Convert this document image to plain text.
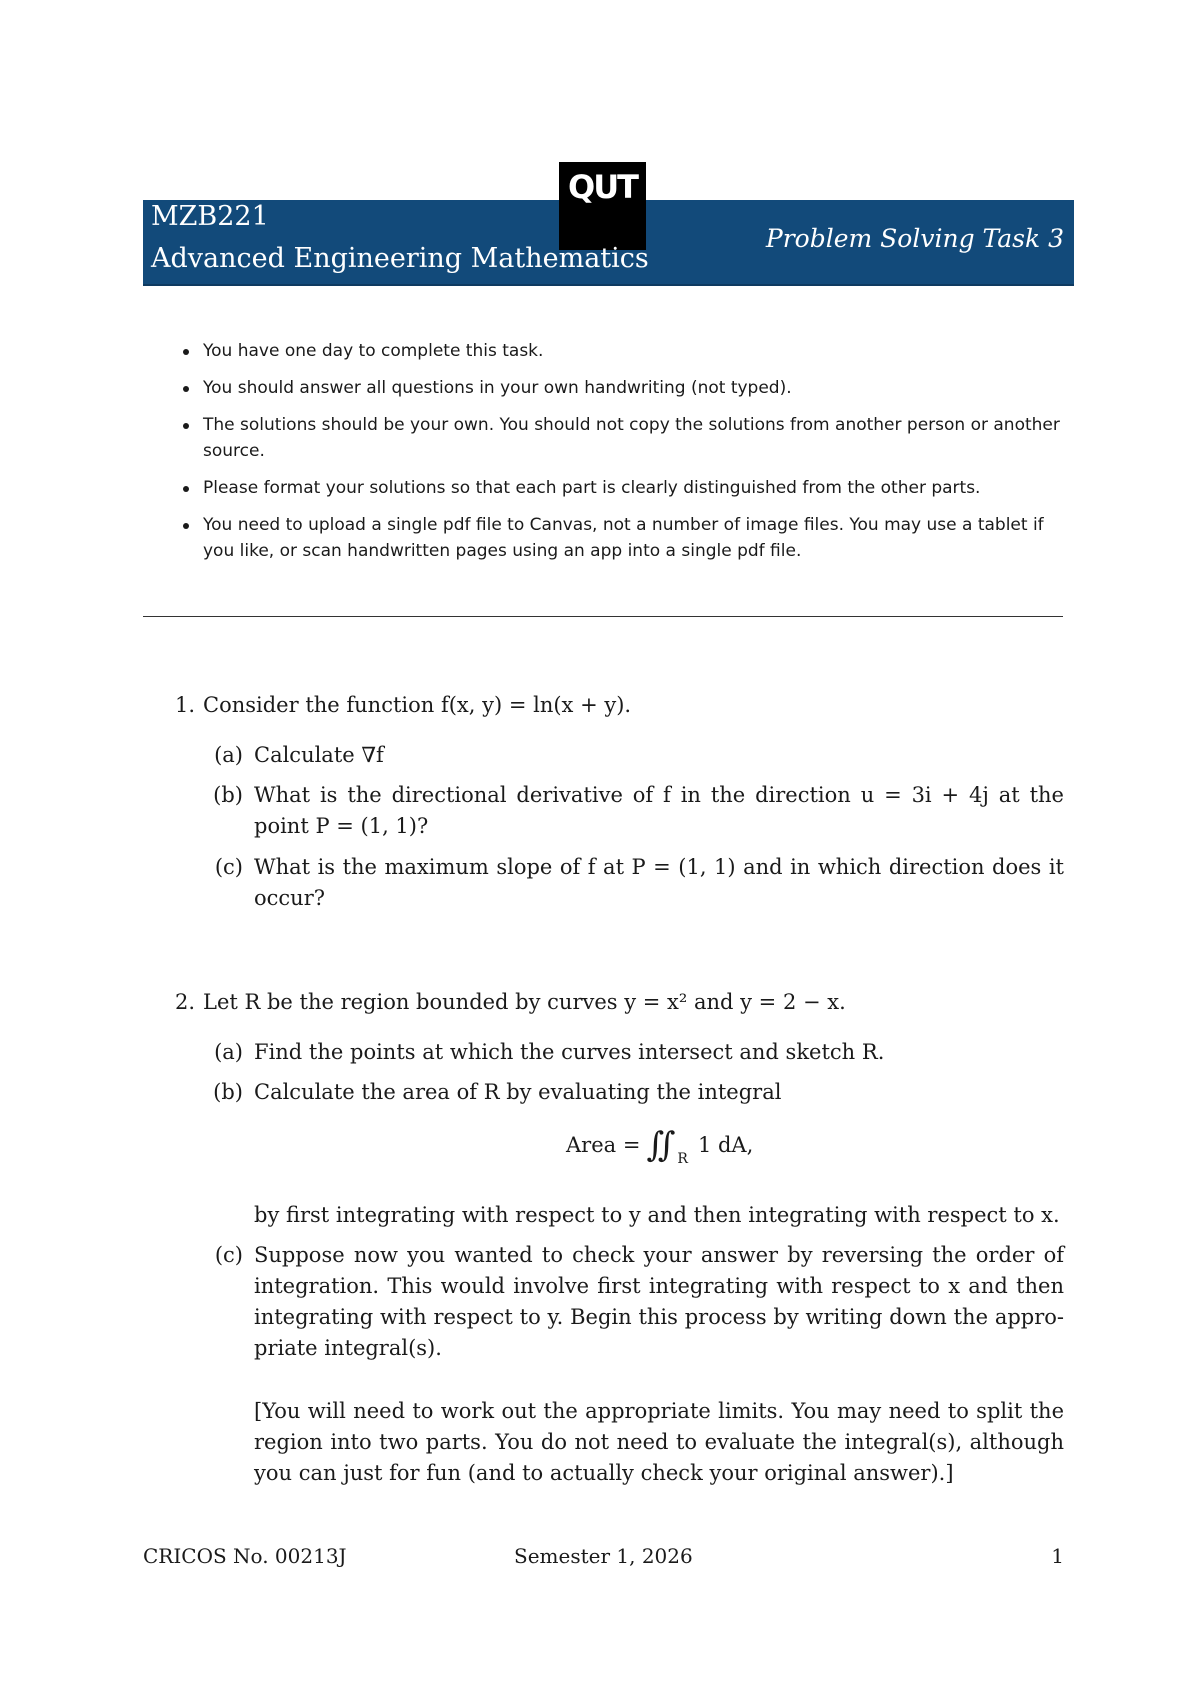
QUT
MZB221
Advanced Engineering Mathematics
Problem Solving Task 3
You have one day to complete this task.
You should answer all questions in your own handwriting (not typed).
The solutions should be your own. You should not copy the solutions from another person or another source.
Please format your solutions so that each part is clearly distinguished from the other parts.
You need to upload a single pdf file to Canvas, not a number of image files. You may use a tablet if you like, or scan handwritten pages using an app into a single pdf file.
1. Consider the function f(x, y) = ln(x + y).
(a) Calculate ∇f
(b) What is the directional derivative of f in the direction u = 3i + 4j at the point P = (1, 1)?
(c) What is the maximum slope of f at P = (1, 1) and in which direction does it occur?
2. Let R be the region bounded by curves y = x² and y = 2 − x.
(a) Find the points at which the curves intersect and sketch R.
(b) Calculate the area of R by evaluating the integral
Area = ∬ R
1 dA,
by first integrating with respect to y and then integrating with respect to x.
(c) Suppose now you wanted to check your answer by reversing the order of integration. This would involve first integrating with respect to x and then integrating with respect to y. Begin this process by writing down the appro- priate integral(s).
[You will need to work out the appropriate limits. You may need to split the region into two parts. You do not need to evaluate the integral(s), although you can just for fun (and to actually check your original answer).]
CRICOS No. 00213J	Semester 1, 2026	1
